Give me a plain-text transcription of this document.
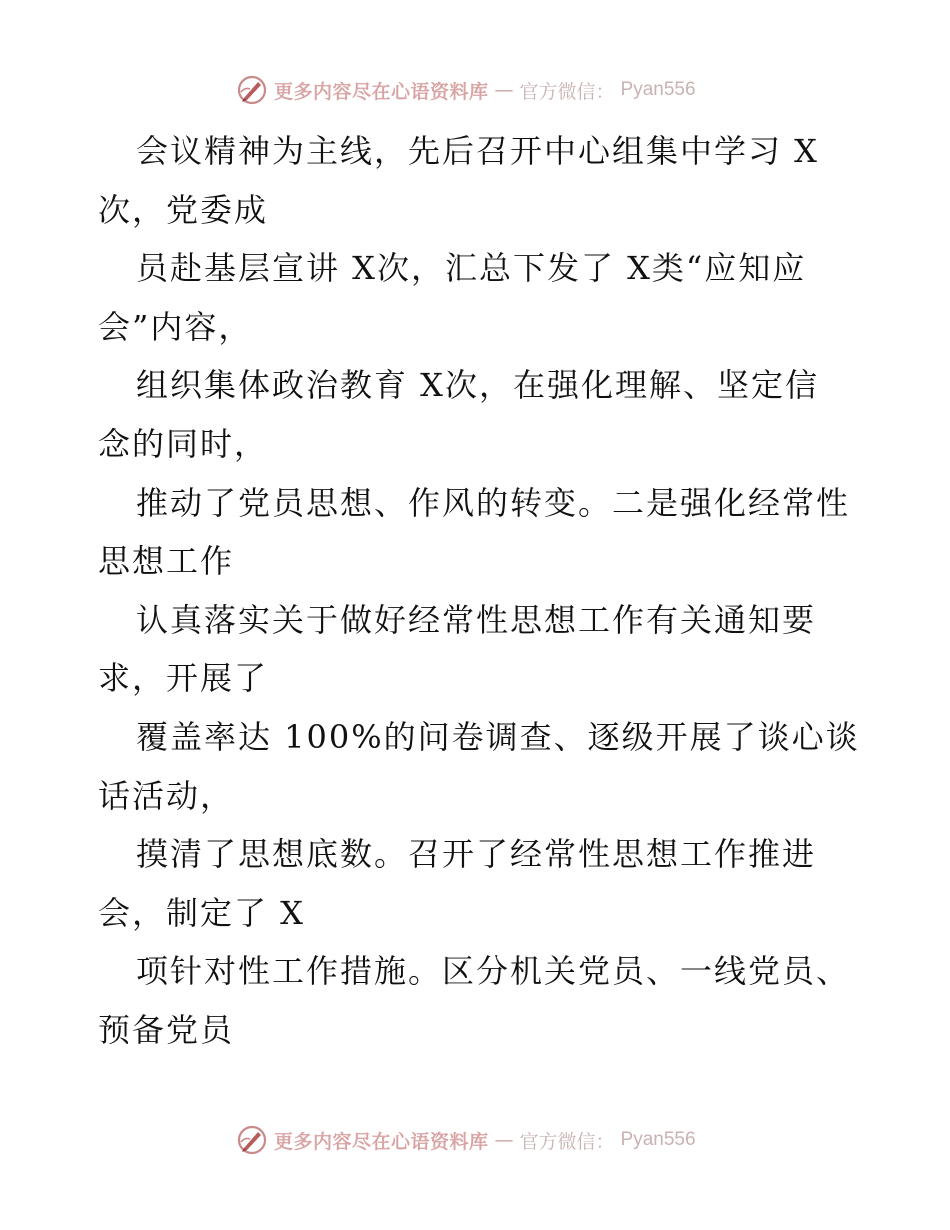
更多内容尽在心语资料库 — 官方微信： Pyan556
会议精神为主线，先后召开中心组集中学习 X
次，党委成
员赴基层宣讲 X次，汇总下发了 X类“应知应
会”内容，
组织集体政治教育 X次，在强化理解、坚定信
念的同时，
推动了党员思想、作风的转变。二是强化经常性
思想工作
认真落实关于做好经常性思想工作有关通知要
求，开展了
覆盖率达 100%的问卷调查、逐级开展了谈心谈
话活动，
摸清了思想底数。召开了经常性思想工作推进
会，制定了 X
项针对性工作措施。区分机关党员、一线党员、
预备党员
更多内容尽在心语资料库 — 官方微信： Pyan556
